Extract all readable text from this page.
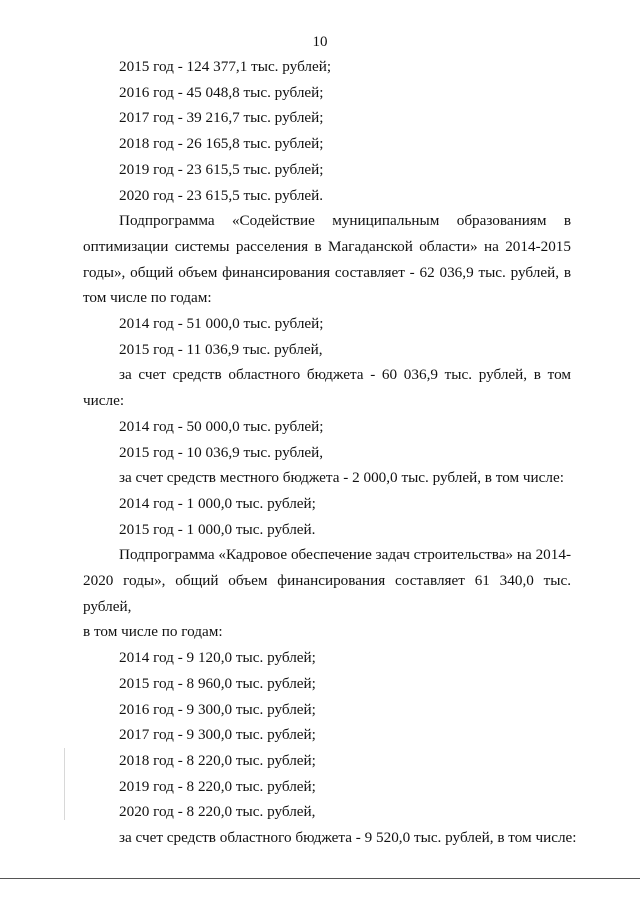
10
2015 год - 124 377,1 тыс. рублей;
2016 год - 45 048,8 тыс. рублей;
2017 год - 39 216,7 тыс. рублей;
2018 год - 26 165,8 тыс. рублей;
2019 год - 23 615,5 тыс. рублей;
2020 год - 23 615,5 тыс. рублей.
Подпрограмма «Содействие муниципальным образованиям в
оптимизации системы расселения в Магаданской области» на 2014-2015
годы», общий объем финансирования составляет - 62 036,9 тыс. рублей, в
том числе по годам:
2014 год - 51 000,0 тыс. рублей;
2015 год - 11 036,9 тыс. рублей,
за счет средств областного бюджета - 60 036,9 тыс. рублей, в том
числе:
2014 год - 50 000,0 тыс. рублей;
2015 год - 10 036,9 тыс. рублей,
за счет средств местного бюджета - 2 000,0 тыс. рублей, в том числе:
2014 год - 1 000,0 тыс. рублей;
2015 год - 1 000,0 тыс. рублей.
Подпрограмма «Кадровое обеспечение задач строительства» на 2014-
2020 годы», общий объем финансирования составляет 61 340,0 тыс. рублей,
в том числе по годам:
2014 год - 9 120,0 тыс. рублей;
2015 год - 8 960,0 тыс. рублей;
2016 год - 9 300,0 тыс. рублей;
2017 год - 9 300,0 тыс. рублей;
2018 год - 8 220,0 тыс. рублей;
2019 год - 8 220,0 тыс. рублей;
2020 год - 8 220,0 тыс. рублей,
за счет средств областного бюджета - 9 520,0 тыс. рублей, в том числе:
